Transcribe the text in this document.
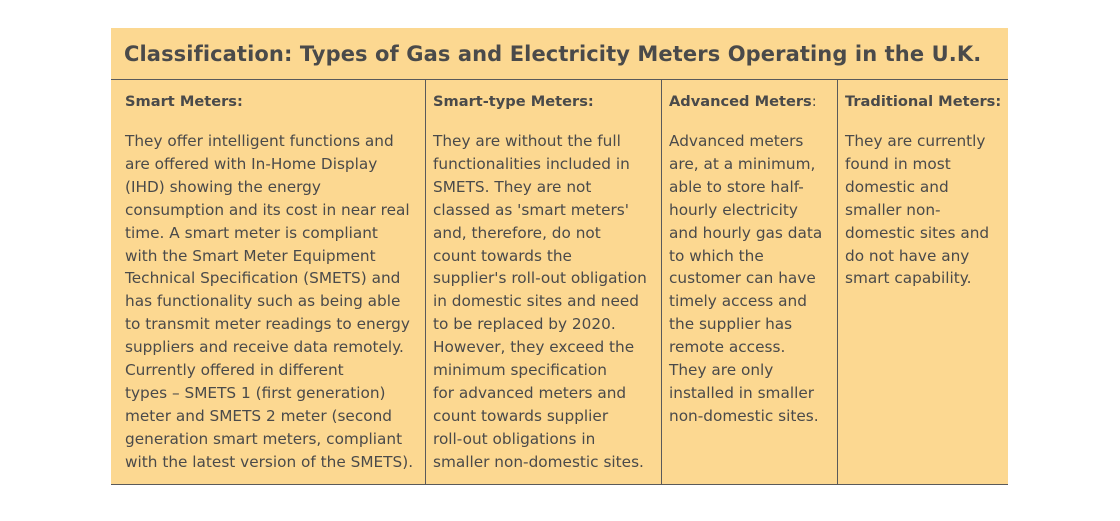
Classification: Types of Gas and Electricity Meters Operating in the U.K.
Smart Meters:

They offer intelligent functions and
are offered with In-Home Display
(IHD) showing the energy
consumption and its cost in near real
time. A smart meter is compliant
with the Smart Meter Equipment
Technical Specification (SMETS) and
has functionality such as being able
to transmit meter readings to energy
suppliers and receive data remotely.
Currently offered in different
types – SMETS 1 (first generation)
meter and SMETS 2 meter (second
generation smart meters, compliant
with the latest version of the SMETS).

Smart-type Meters:

They are without the full
functionalities included in
SMETS. They are not
classed as 'smart meters'
and, therefore, do not
count towards the
supplier's roll-out obligation
in domestic sites and need
to be replaced by 2020.
However, they exceed the
minimum specification
for advanced meters and
count towards supplier
roll-out obligations in
smaller non-domestic sites.

Advanced Meters:

Advanced meters
are, at a minimum,
able to store half-
hourly electricity
and hourly gas data
to which the
customer can have
timely access and
the supplier has
remote access.
They are only
installed in smaller
non-domestic sites.

Traditional Meters:

They are currently
found in most
domestic and
smaller non-
domestic sites and
do not have any
smart capability.
